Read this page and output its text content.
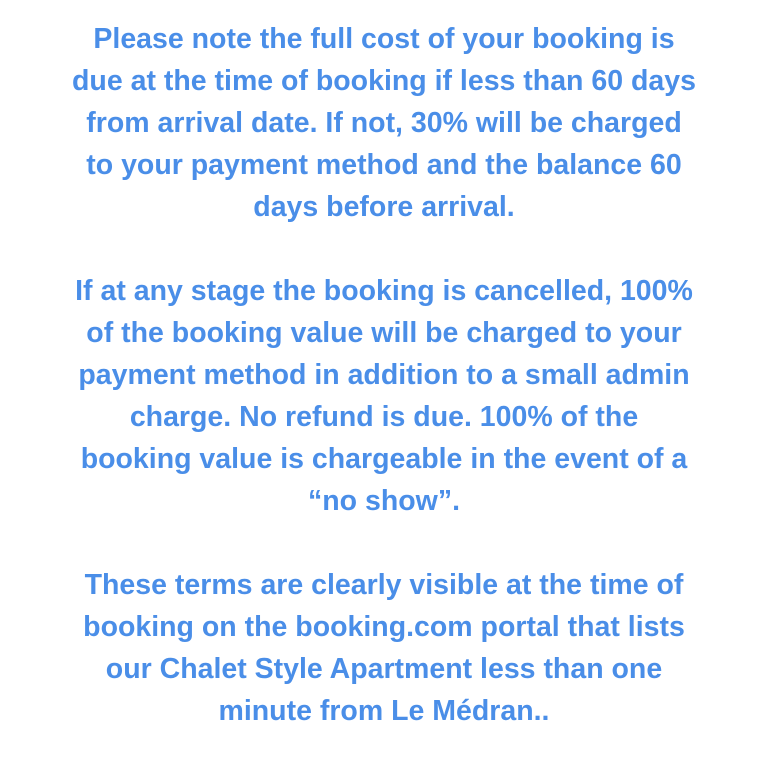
Please note the full cost of your booking is
due at the time of booking if less than 60 days
from arrival date. If not, 30% will be charged
to your payment method and the balance 60
days before arrival.
If at any stage the booking is cancelled, 100%
of the booking value will be charged to your
payment method in addition to a small admin
charge. No refund is due. 100% of the
booking value is chargeable in the event of a
“no show”.
These terms are clearly visible at the time of
booking on the booking.com portal that lists
our Chalet Style Apartment less than one
minute from Le Médran..
